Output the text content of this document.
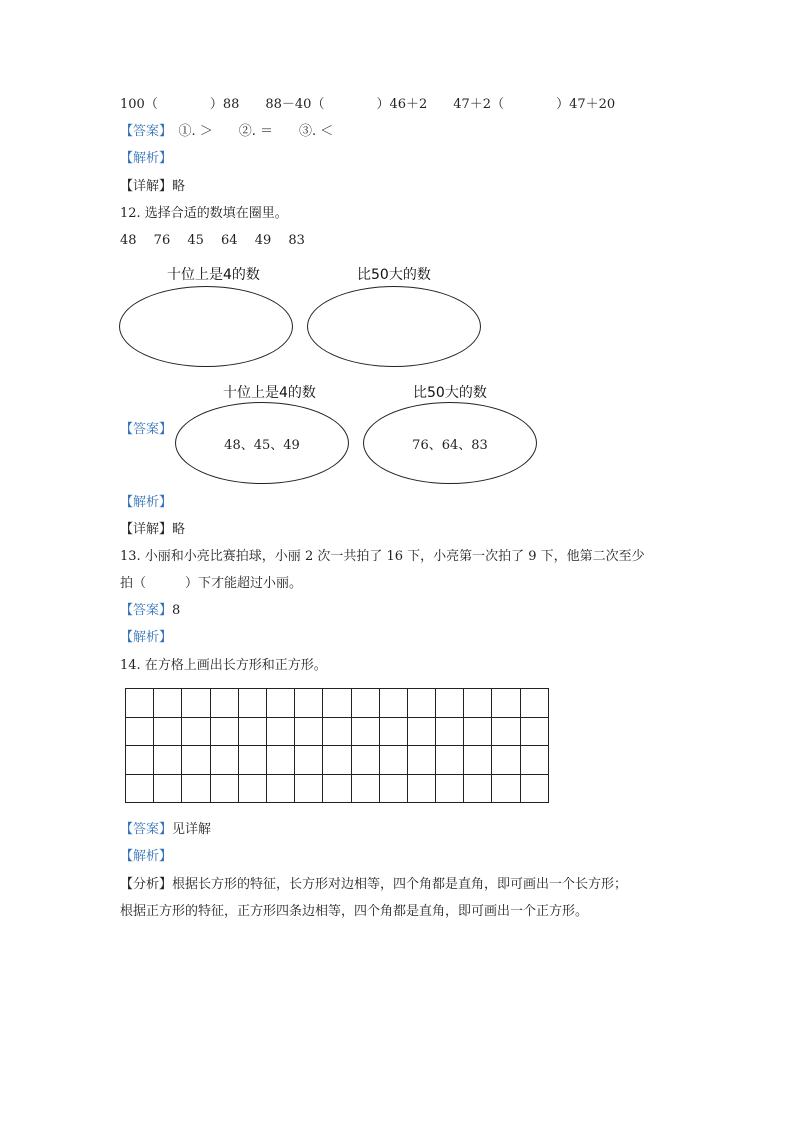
100（　　　　）88　　88－40（　　　　）46＋2　　47＋2（　　　　）47＋20
【答案】　①. ＞　　②. ＝　　③. ＜
【解析】
【详解】略
12. 选择合适的数填在圈里。
48　 76　 45　 64　 49　 83
十位上是4的数	比50大的数
【答案】
十位上是4的数	比50大的数
48、45、49	76、64、83
【解析】
【详解】略
13. 小丽和小亮比赛拍球，小丽 2 次一共拍了 16 下，小亮第一次拍了 9 下，他第二次至少
拍（　　　）下才能超过小丽。
【答案】8
【解析】
14. 在方格上画出长方形和正方形。

【答案】见详解
【解析】
【分析】根据长方形的特征，长方形对边相等，四个角都是直角，即可画出一个长方形；
根据正方形的特征，正方形四条边相等，四个角都是直角，即可画出一个正方形。
